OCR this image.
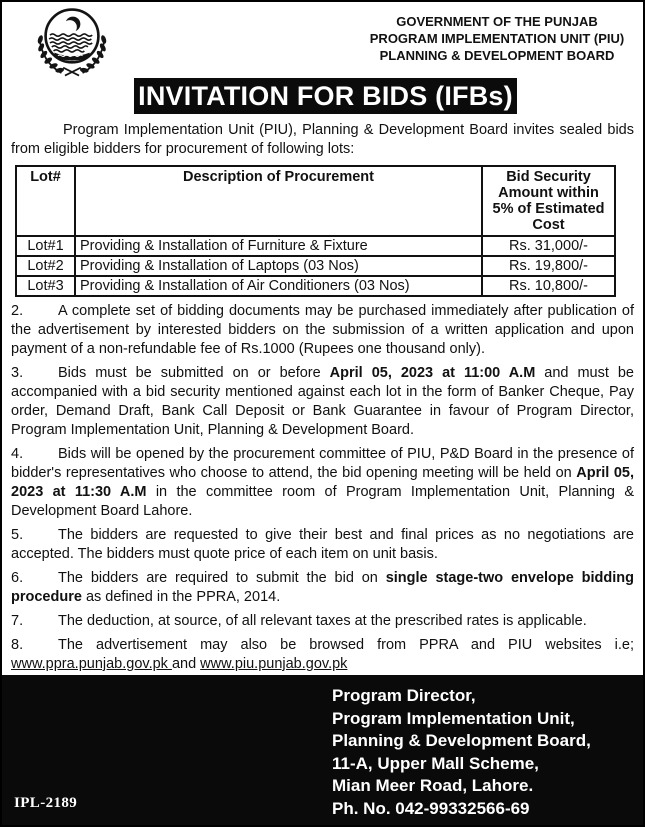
GOVERNMENT OF THE PUNJAB
PROGRAM IMPLEMENTATION UNIT (PIU)
PLANNING & DEVELOPMENT BOARD
INVITATION FOR BIDS (IFBs)

Program Implementation Unit (PIU), Planning & Development Board invites sealed bids from eligible bidders for procurement of following lots:

Lot#	Description of Procurement	Bid Security Amount within 5% of Estimated Cost
Lot#1	Providing & Installation of Furniture & Fixture	Rs. 31,000/-
Lot#2	Providing & Installation of Laptops (03 Nos)	Rs. 19,800/-
Lot#3	Providing & Installation of Air Conditioners (03 Nos)	Rs. 10,800/-

2. A complete set of bidding documents may be purchased immediately after publication of the advertisement by interested bidders on the submission of a written application and upon payment of a non-refundable fee of Rs.1000 (Rupees one thousand only).

3. Bids must be submitted on or before April 05, 2023 at 11:00 A.M and must be accompanied with a bid security mentioned against each lot in the form of Banker Cheque, Pay order, Demand Draft, Bank Call Deposit or Bank Guarantee in favour of Program Director, Program Implementation Unit, Planning & Development Board.

4. Bids will be opened by the procurement committee of PIU, P&D Board in the presence of bidder's representatives who choose to attend, the bid opening meeting will be held on April 05, 2023 at 11:30 A.M in the committee room of Program Implementation Unit, Planning & Development Board Lahore.

5. The bidders are requested to give their best and final prices as no negotiations are accepted. The bidders must quote price of each item on unit basis.

6. The bidders are required to submit the bid on single stage-two envelope bidding procedure as defined in the PPRA, 2014.

7. The deduction, at source, of all relevant taxes at the prescribed rates is applicable.

8. The advertisement may also be browsed from PPRA and PIU websites i.e; www.ppra.punjab.gov.pk and www.piu.punjab.gov.pk

Program Director,
Program Implementation Unit,
Planning & Development Board,
11-A, Upper Mall Scheme,
Mian Meer Road, Lahore.
Ph. No. 042-99332566-69
IPL-2189
